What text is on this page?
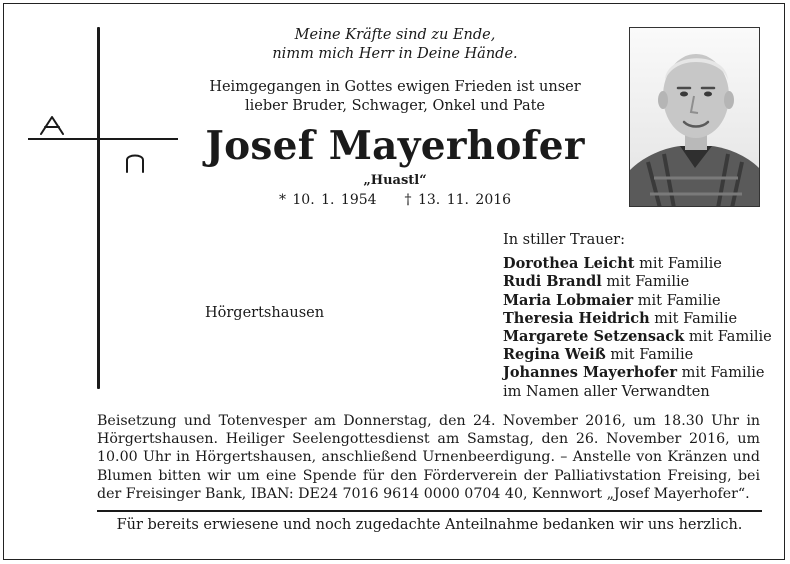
Meine Kräfte sind zu Ende,
nimm mich Herr in Deine Hände.
Heimgegangen in Gottes ewigen Frieden ist unser
lieber Bruder, Schwager, Onkel und Pate
Josef Mayerhofer
„Huastl“
* 10. 1. 1954 † 13. 11. 2016
Hörgertshausen
In stiller Trauer:
Dorothea Leicht mit Familie
Rudi Brandl mit Familie
Maria Lobmaier mit Familie
Theresia Heidrich mit Familie
Margarete Setzensack mit Familie
Regina Weiß mit Familie
Johannes Mayerhofer mit Familie
im Namen aller Verwandten
Beisetzung und Totenvesper am Donnerstag, den 24. November 2016, um 18.30 Uhr in Hörgertshausen. Heiliger Seelengottesdienst am Samstag, den 26. November 2016, um 10.00 Uhr in Hörgertshausen, anschließend Urnenbeerdigung. – Anstelle von Kränzen und Blumen bitten wir um eine Spende für den Förderverein der Palliativstation Freising, bei der Freisinger Bank, IBAN: DE24 7016 9614 0000 0704 40, Kennwort „Josef Mayerhofer“.
Für bereits erwiesene und noch zugedachte Anteilnahme bedanken wir uns herzlich.
